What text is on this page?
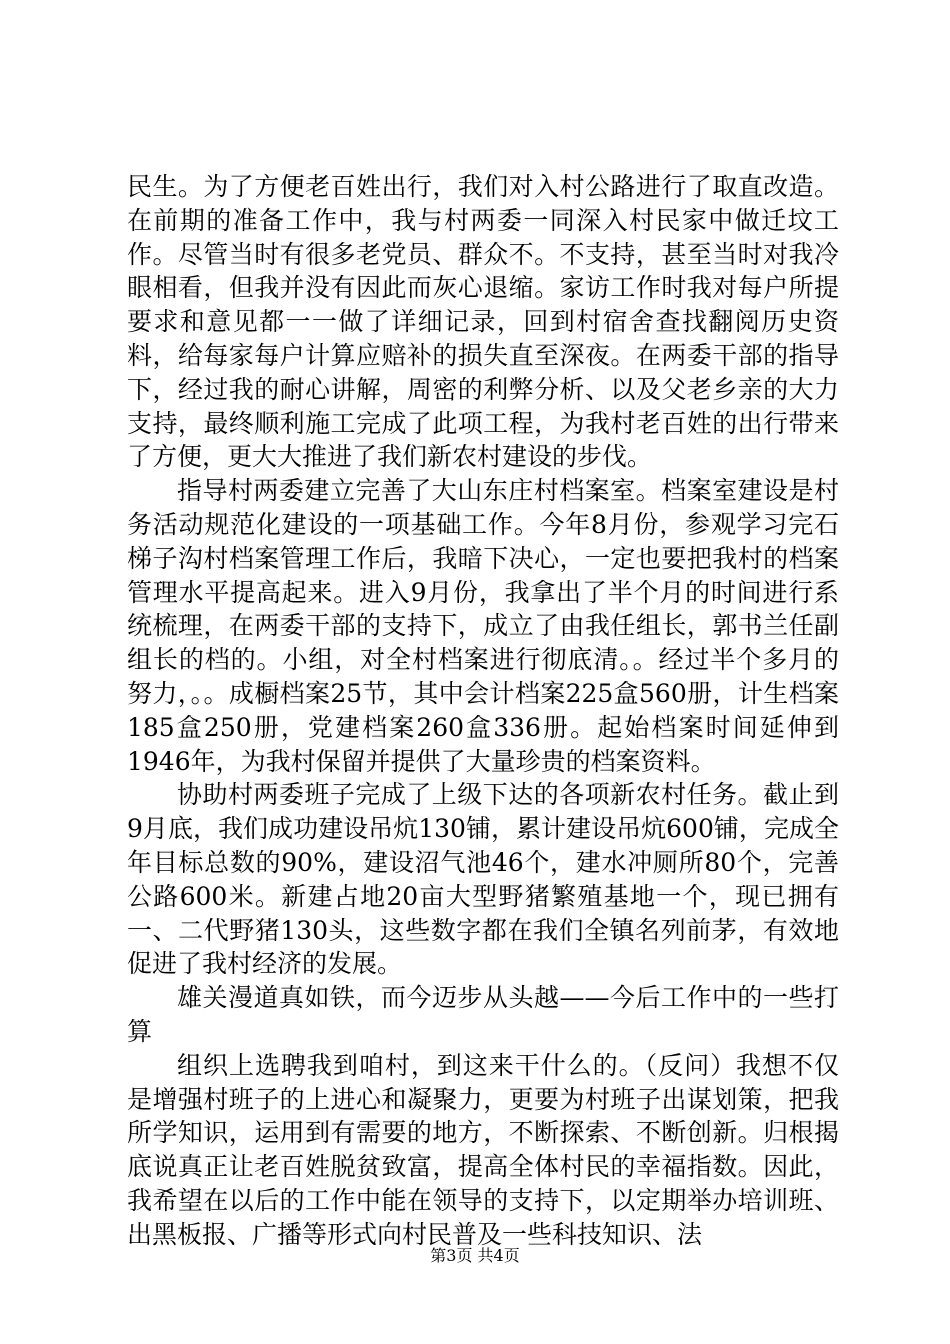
民生。为了方便老百姓出行，我们对入村公路进行了取直改造。在前期的准备工作中，我与村两委一同深入村民家中做迁坟工作。尽管当时有很多老党员、群众不。不支持，甚至当时对我冷眼相看，但我并没有因此而灰心退缩。家访工作时我对每户所提要求和意见都一一做了详细记录，回到村宿舍查找翻阅历史资料，给每家每户计算应赔补的损失直至深夜。在两委干部的指导下，经过我的耐心讲解，周密的利弊分析、以及父老乡亲的大力支持，最终顺利施工完成了此项工程，为我村老百姓的出行带来了方便，更大大推进了我们新农村建设的步伐。

指导村两委建立完善了大山东庄村档案室。档案室建设是村务活动规范化建设的一项基础工作。今年8月份，参观学习完石梯子沟村档案管理工作后，我暗下决心，一定也要把我村的档案管理水平提高起来。进入9月份，我拿出了半个月的时间进行系统梳理，在两委干部的支持下，成立了由我任组长，郭书兰任副组长的档的。小组，对全村档案进行彻底清。。经过半个多月的努力，。。成橱档案25节，其中会计档案225盒560册，计生档案185盒250册，党建档案260盒336册。起始档案时间延伸到1946年，为我村保留并提供了大量珍贵的档案资料。

协助村两委班子完成了上级下达的各项新农村任务。截止到9月底，我们成功建设吊炕130铺，累计建设吊炕600铺，完成全年目标总数的90%，建设沼气池46个，建水冲厕所80个，完善公路600米。新建占地20亩大型野猪繁殖基地一个，现已拥有一、二代野猪130头，这些数字都在我们全镇名列前茅，有效地促进了我村经济的发展。

雄关漫道真如铁，而今迈步从头越——今后工作中的一些打算

组织上选聘我到咱村，到这来干什么的。（反问）我想不仅是增强村班子的上进心和凝聚力，更要为村班子出谋划策，把我所学知识，运用到有需要的地方，不断探索、不断创新。归根揭底说真正让老百姓脱贫致富，提高全体村民的幸福指数。因此，我希望在以后的工作中能在领导的支持下，以定期举办培训班、出黑板报、广播等形式向村民普及一些科技知识、法

第3页 共4页
